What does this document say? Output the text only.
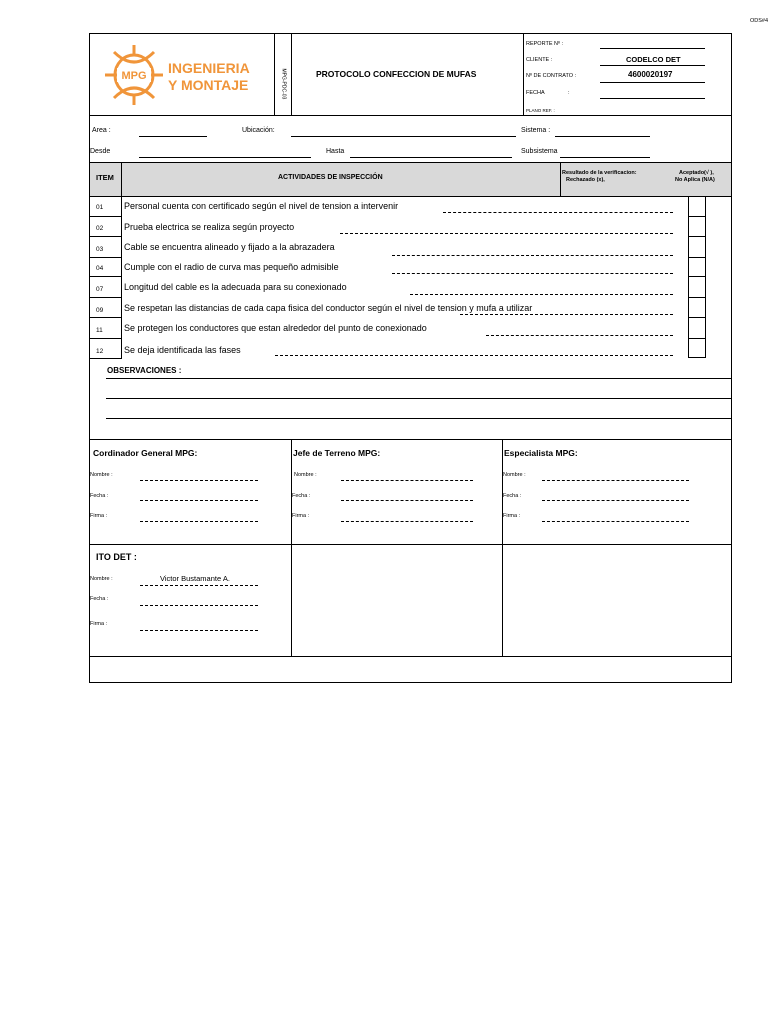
ODS#4
MPG INGENIERIA
Y MONTAJE	MPG-PDC-03	PROTOCOLO CONFECCION DE MUFAS
REPORTE Nº :
CLIENTE :	CODELCO DET
Nº DE CONTRATO :	4600020197
FECHA	:
PLANO REF. :
Area :	Ubicación:	Sistema :
Desde	Hasta	Subsistema
ITEM	ACTIVIDADES DE INSPECCIÓN
Resultado de la verificacion:
Rechazado (x),
Aceptado(√ ),
No Aplica (N/A)
01 Personal cuenta con certificado según el nivel de tension a intervenir
02 Prueba electrica se realiza según proyecto
03 Cable se encuentra alineado y fijado a la abrazadera
04 Cumple con el radio de curva mas pequeño admisible
07 Longitud del cable es la adecuada para su conexionado
09 Se respetan las distancias de cada capa fisica del conductor según el nivel de tension y mufa a utilizar
11 Se protegen los conductores que estan alrededor del punto de conexionado
12 Se deja identificada las fases
OBSERVACIONES :
Cordinador General MPG:
Nombre :
Fecha :
Firma :
Jefe de Terreno MPG:
Nombre :
Fecha :
Firma :
Especialista MPG:
Nombre :
Fecha :
Firma :
ITO DET :
Nombre :	Victor Bustamante A.
Fecha :
Firma :
